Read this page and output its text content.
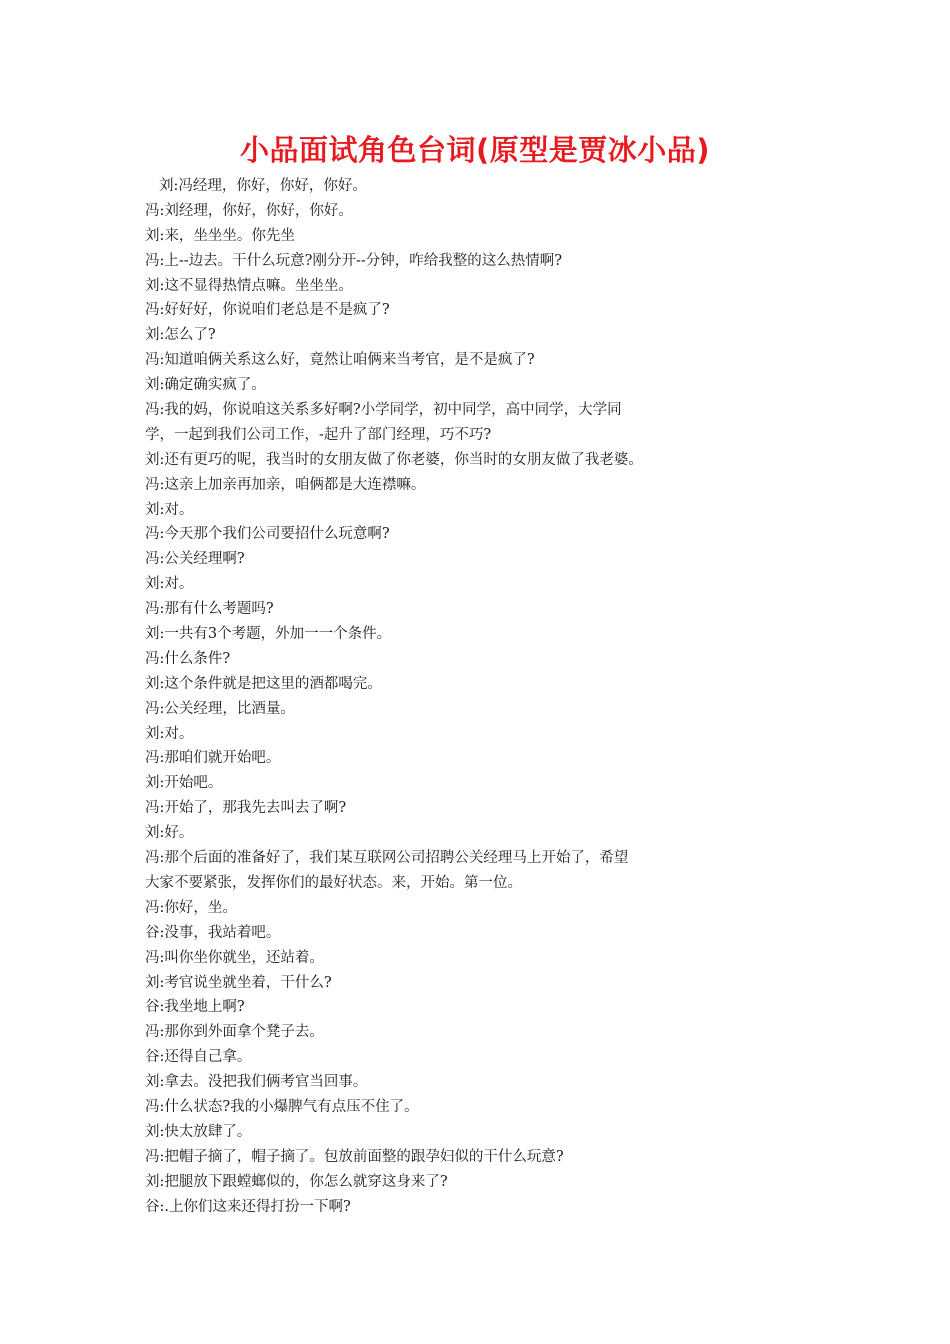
小品面试角色台词(原型是贾冰小品)
刘:冯经理，你好，你好，你好。
冯:刘经理，你好，你好，你好。
刘:来，坐坐坐。你先坐
冯:上--边去。干什么玩意?刚分开--分钟，咋给我整的这么热情啊?
刘:这不显得热情点嘛。坐坐坐。
冯:好好好，你说咱们老总是不是疯了?
刘:怎么了?
冯:知道咱俩关系这么好，竟然让咱俩来当考官，是不是疯了?
刘:确定确实疯了。
冯:我的妈，你说咱这关系多好啊?小学同学，初中同学，高中同学，大学同
学，一起到我们公司工作，-起升了部门经理，巧不巧?
刘:还有更巧的呢，我当时的女朋友做了你老婆，你当时的女朋友做了我老婆。
冯:这亲上加亲再加亲，咱俩都是大连襟嘛。
刘:对。
冯:今天那个我们公司要招什么玩意啊?
冯:公关经理啊?
刘:对。
冯:那有什么考题吗?
刘:一共有3个考题，外加一一个条件。
冯:什么条件?
刘:这个条件就是把这里的酒都喝完。
冯:公关经理，比酒量。
刘:对。
冯:那咱们就开始吧。
刘:开始吧。
冯:开始了，那我先去叫去了啊?
刘:好。
冯:那个后面的准备好了，我们某互联网公司招聘公关经理马上开始了，希望
大家不要紧张，发挥你们的最好状态。来，开始。第一位。
冯:你好，坐。
谷:没事，我站着吧。
冯:叫你坐你就坐，还站着。
刘:考官说坐就坐着，干什么?
谷:我坐地上啊?
冯:那你到外面拿个凳子去。
谷:还得自己拿。
刘:拿去。没把我们俩考官当回事。
冯:什么状态?我的小爆脾气有点压不住了。
刘:快太放肆了。
冯:把帽子摘了，帽子摘了。包放前面整的跟孕妇似的干什么玩意?
刘:把腿放下跟螳螂似的，你怎么就穿这身来了?
谷:.上你们这来还得打扮一下啊?
